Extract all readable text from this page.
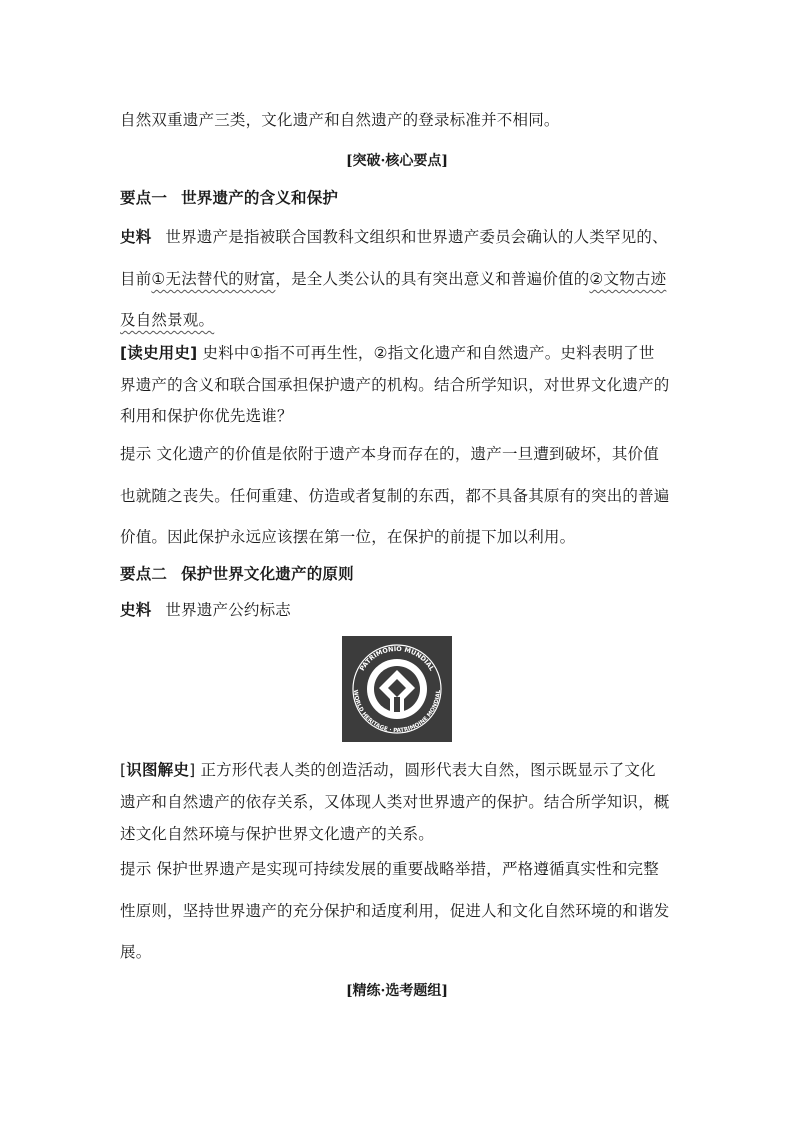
自然双重遗产三类，文化遗产和自然遗产的登录标准并不相同。
[突破·核心要点]
要点一 世界遗产的含义和保护
史料 世界遗产是指被联合国教科文组织和世界遗产委员会确认的人类罕见的、
目前①无法替代的财富，是全人类公认的具有突出意义和普遍价值的②文物古迹
及自然景观。
[读史用史] 史料中①指不可再生性，②指文化遗产和自然遗产。史料表明了世
界遗产的含义和联合国承担保护遗产的机构。结合所学知识，对世界文化遗产的
利用和保护你优先选谁？
提示 文化遗产的价值是依附于遗产本身而存在的，遗产一旦遭到破坏，其价值
也就随之丧失。任何重建、仿造或者复制的东西，都不具备其原有的突出的普遍
价值。因此保护永远应该摆在第一位，在保护的前提下加以利用。
要点二 保护世界文化遗产的原则
史料 世界遗产公约标志
PATRIMONIO MUNDIAL
WORLD HERITAGE · PATRIMOINE MONDIAL
[识图解史] 正方形代表人类的创造活动，圆形代表大自然，图示既显示了文化
遗产和自然遗产的依存关系，又体现人类对世界遗产的保护。结合所学知识，概
述文化自然环境与保护世界文化遗产的关系。
提示 保护世界遗产是实现可持续发展的重要战略举措，严格遵循真实性和完整
性原则，坚持世界遗产的充分保护和适度利用，促进人和文化自然环境的和谐发
展。
[精练·选考题组]
